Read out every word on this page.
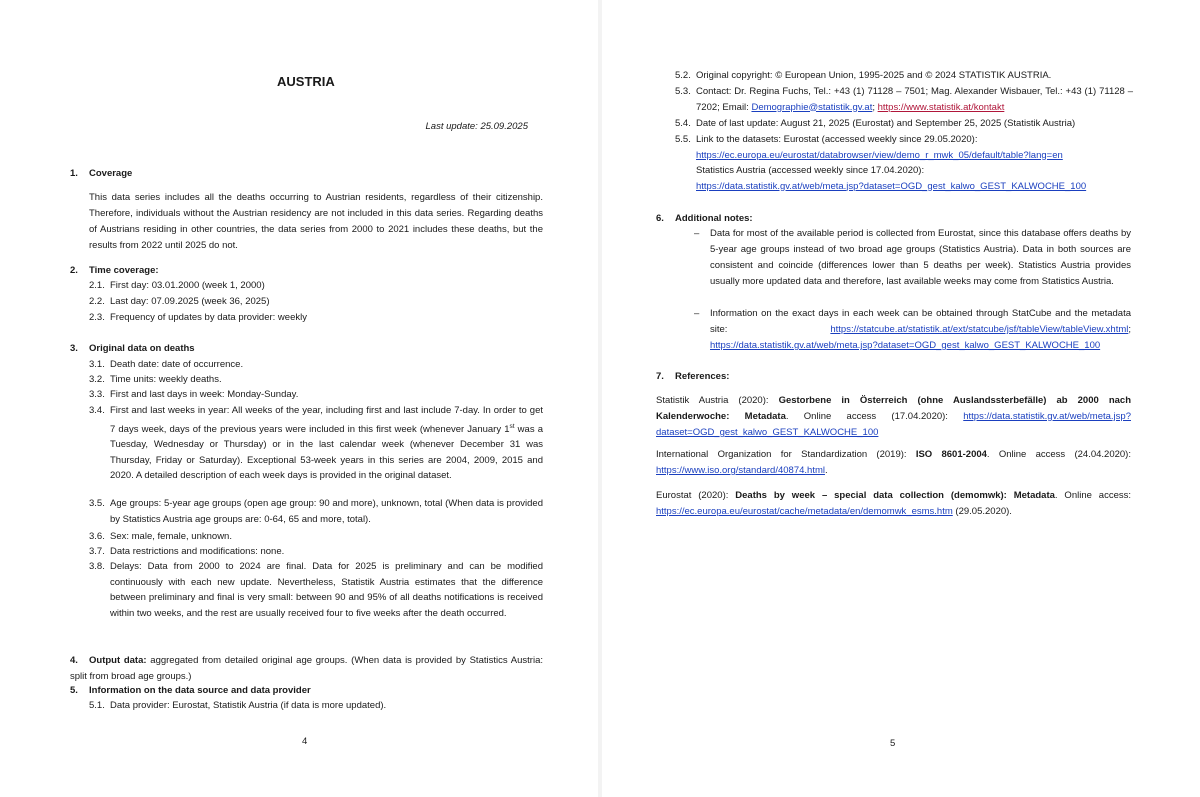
AUSTRIA
Last update: 25.09.2025
1. Coverage
This data series includes all the deaths occurring to Austrian residents, regardless of their citizenship. Therefore, individuals without the Austrian residency are not included in this data series. Regarding deaths of Austrians residing in other countries, the data series from 2000 to 2021 includes these deaths, but the results from 2022 until 2025 do not.
2. Time coverage:
2.1. First day: 03.01.2000 (week 1, 2000)
2.2. Last day: 07.09.2025 (week 36, 2025)
2.3. Frequency of updates by data provider: weekly
3. Original data on deaths
3.1. Death date: date of occurrence.
3.2. Time units: weekly deaths.
3.3. First and last days in week: Monday-Sunday.
3.4. First and last weeks in year: All weeks of the year, including first and last include 7-day. In order to get 7 days week, days of the previous years were included in this first week (whenever January 1st was a Tuesday, Wednesday or Thursday) or in the last calendar week (whenever December 31 was Thursday, Friday or Saturday). Exceptional 53-week years in this series are 2004, 2009, 2015 and 2020. A detailed description of each week days is provided in the original dataset.
3.5. Age groups: 5-year age groups (open age group: 90 and more), unknown, total (When data is provided by Statistics Austria age groups are: 0-64, 65 and more, total).
3.6. Sex: male, female, unknown.
3.7. Data restrictions and modifications: none.
3.8. Delays: Data from 2000 to 2024 are final. Data for 2025 is preliminary and can be modified continuously with each new update. Nevertheless, Statistik Austria estimates that the difference between preliminary and final is very small: between 90 and 95% of all deaths notifications is received within two weeks, and the rest are usually received four to five weeks after the death occurred.
4. Output data: aggregated from detailed original age groups. (When data is provided by Statistics Austria: split from broad age groups.)
5. Information on the data source and data provider
5.1. Data provider: Eurostat, Statistik Austria (if data is more updated).
4
5.2. Original copyright: © European Union, 1995-2025 and © 2024 STATISTIK AUSTRIA.
5.3. Contact: Dr. Regina Fuchs, Tel.: +43 (1) 71128 – 7501; Mag. Alexander Wisbauer, Tel.: +43 (1) 71128 – 7202; Email: Demographie@statistik.gv.at; https://www.statistik.at/kontakt
5.4. Date of last update: August 21, 2025 (Eurostat) and September 25, 2025 (Statistik Austria)
5.5. Link to the datasets: Eurostat (accessed weekly since 29.05.2020):
https://ec.europa.eu/eurostat/databrowser/view/demo_r_mwk_05/default/table?lang=en
Statistics Austria (accessed weekly since 17.04.2020):
https://data.statistik.gv.at/web/meta.jsp?dataset=OGD_gest_kalwo_GEST_KALWOCHE_100
6. Additional notes:
– Data for most of the available period is collected from Eurostat, since this database offers deaths by 5-year age groups instead of two broad age groups (Statistics Austria). Data in both sources are consistent and coincide (differences lower than 5 deaths per week). Statistics Austria provides usually more updated data and therefore, last available weeks may come from Statistics Austria.
– Information on the exact days in each week can be obtained through StatCube and the metadata site: https://statcube.at/statistik.at/ext/statcube/jsf/tableView/tableView.xhtml; https://data.statistik.gv.at/web/meta.jsp?dataset=OGD_gest_kalwo_GEST_KALWOCHE_100
7. References:
Statistik Austria (2020): Gestorbene in Österreich (ohne Auslandssterbefälle) ab 2000 nach Kalenderwoche: Metadata. Online access (17.04.2020): https://data.statistik.gv.at/web/meta.jsp?dataset=OGD_gest_kalwo_GEST_KALWOCHE_100
International Organization for Standardization (2019): ISO 8601-2004. Online access (24.04.2020): https://www.iso.org/standard/40874.html.
Eurostat (2020): Deaths by week – special data collection (demomwk): Metadata. Online access: https://ec.europa.eu/eurostat/cache/metadata/en/demomwk_esms.htm (29.05.2020).
5
